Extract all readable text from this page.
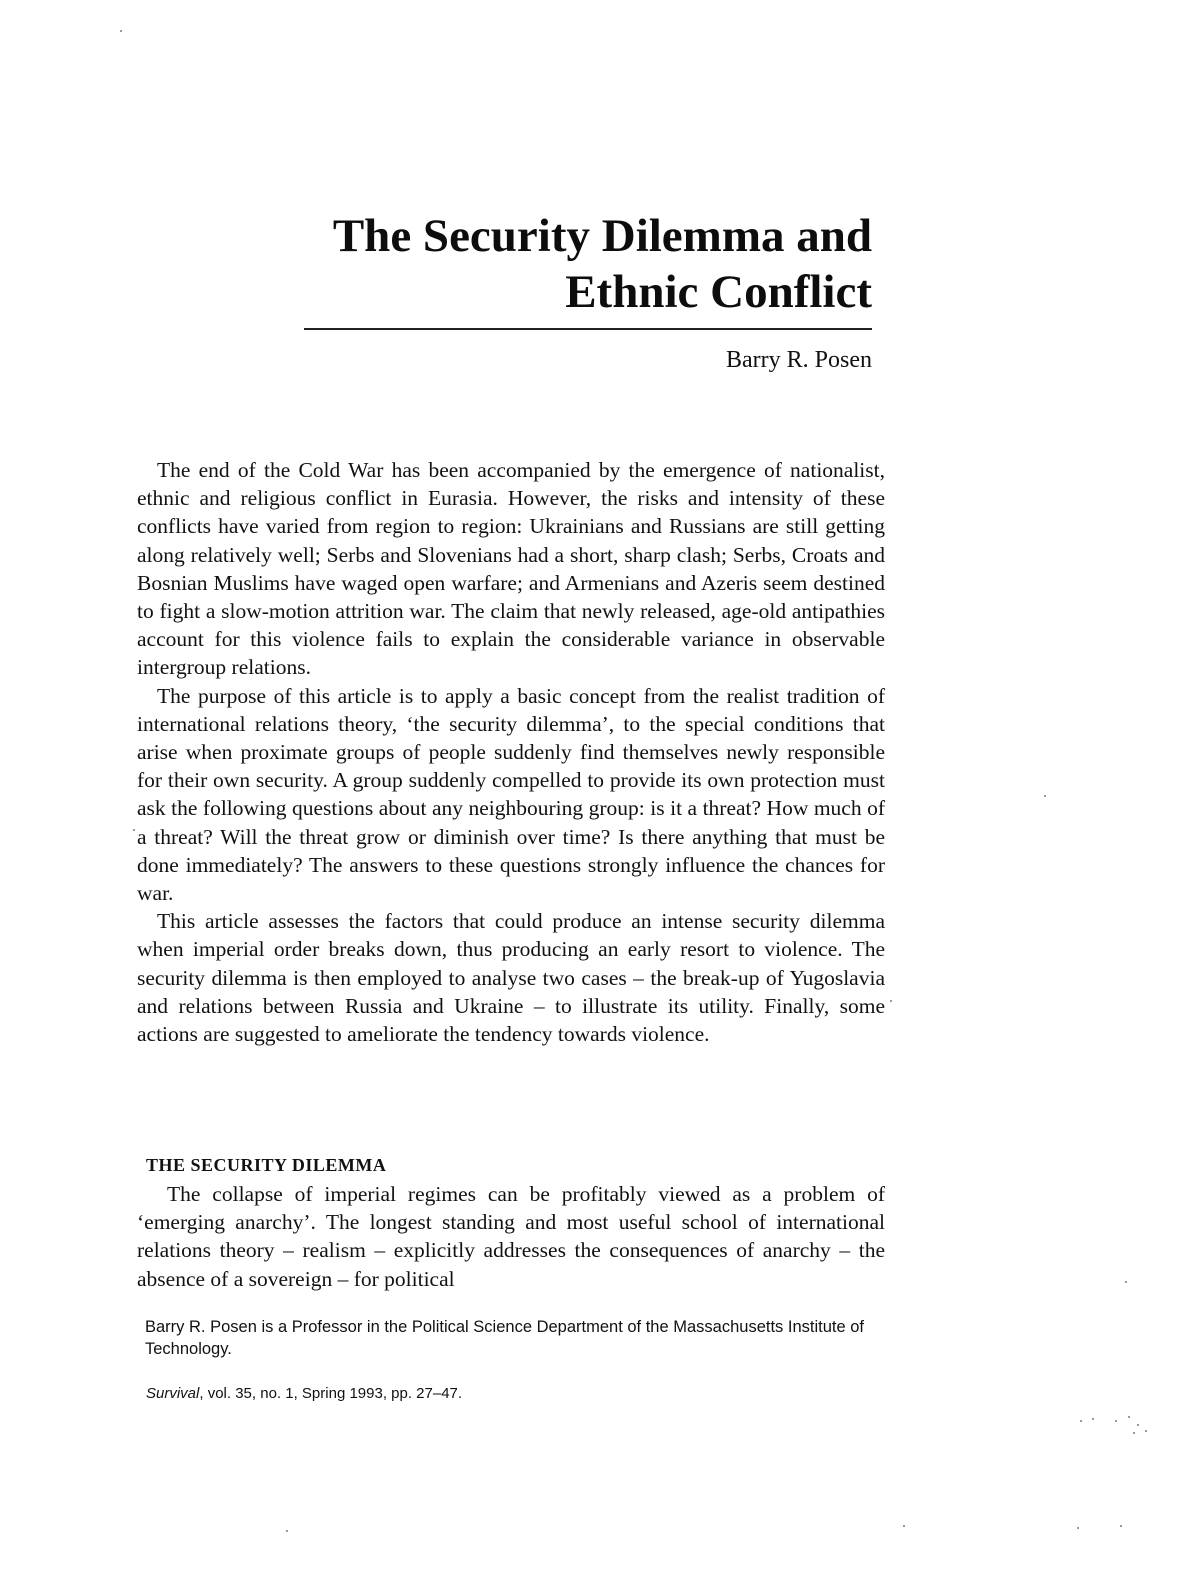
The Security Dilemma and
Ethnic Conflict
Barry R. Posen

The end of the Cold War has been accompanied by the emergence of nationalist, ethnic and religious conflict in Eurasia. However, the risks and intensity of these conflicts have varied from region to region: Ukrainians and Russians are still getting along relatively well; Serbs and Slovenians had a short, sharp clash; Serbs, Croats and Bosnian Muslims have waged open warfare; and Armenians and Azeris seem destined to fight a slow-motion attrition war. The claim that newly released, age-old antipathies account for this violence fails to explain the considerable variance in observable intergroup relations.

The purpose of this article is to apply a basic concept from the realist tradition of international relations theory, ‘the security dilemma’, to the special conditions that arise when proximate groups of people suddenly find themselves newly responsible for their own security. A group suddenly compelled to provide its own protection must ask the following questions about any neighbouring group: is it a threat? How much of a threat? Will the threat grow or diminish over time? Is there anything that must be done immediately? The answers to these questions strongly influence the chances for war.

This article assesses the factors that could produce an intense security dilemma when imperial order breaks down, thus producing an early resort to violence. The security dilemma is then employed to analyse two cases – the break-up of Yugoslavia and relations between Russia and Ukraine – to illustrate its utility. Finally, some actions are suggested to ameliorate the tendency towards violence.

THE SECURITY DILEMMA

The collapse of imperial regimes can be profitably viewed as a problem of ‘emerging anarchy’. The longest standing and most useful school of international relations theory – realism – explicitly addresses the consequences of anarchy – the absence of a sovereign – for political

Barry R. Posen is a Professor in the Political Science Department of the Massachusetts Institute of Technology.
Survival, vol. 35, no. 1, Spring 1993, pp. 27–47.
